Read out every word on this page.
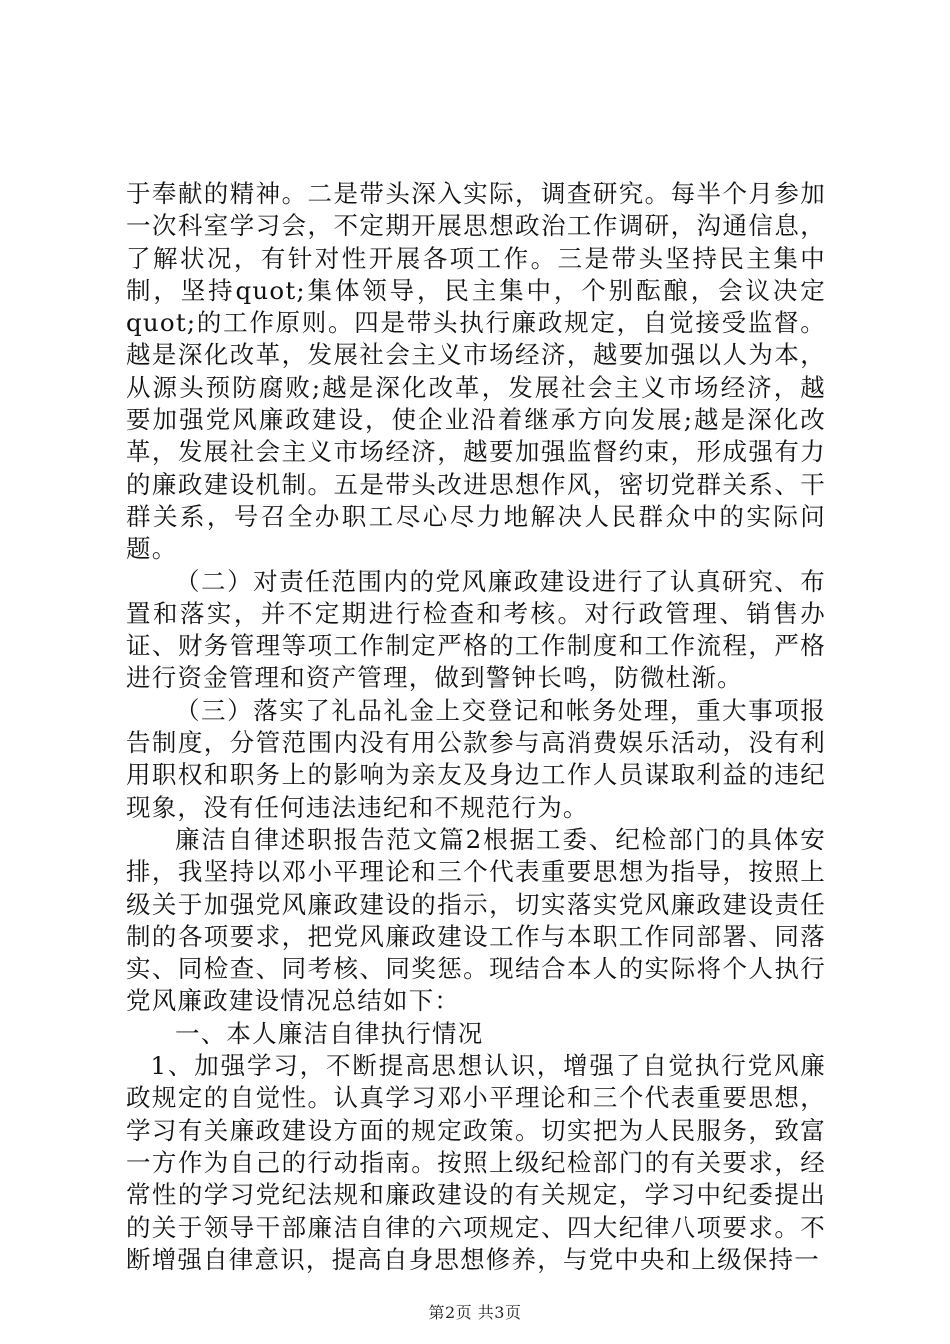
于奉献的精神。二是带头深入实际，调查研究。每半个月参加一次科室学习会，不定期开展思想政治工作调研，沟通信息，了解状况，有针对性开展各项工作。三是带头坚持民主集中制，坚持quot;集体领导，民主集中，个别酝酿，会议决定quot;的工作原则。四是带头执行廉政规定，自觉接受监督。越是深化改革，发展社会主义市场经济，越要加强以人为本，从源头预防腐败;越是深化改革，发展社会主义市场经济，越要加强党风廉政建设，使企业沿着继承方向发展;越是深化改革，发展社会主义市场经济，越要加强监督约束，形成强有力的廉政建设机制。五是带头改进思想作风，密切党群关系、干群关系，号召全办职工尽心尽力地解决人民群众中的实际问题。

（二）对责任范围内的党风廉政建设进行了认真研究、布置和落实，并不定期进行检查和考核。对行政管理、销售办证、财务管理等项工作制定严格的工作制度和工作流程，严格进行资金管理和资产管理，做到警钟长鸣，防微杜渐。

（三）落实了礼品礼金上交登记和帐务处理，重大事项报告制度，分管范围内没有用公款参与高消费娱乐活动，没有利用职权和职务上的影响为亲友及身边工作人员谋取利益的违纪现象，没有任何违法违纪和不规范行为。

廉洁自律述职报告范文篇2根据工委、纪检部门的具体安排，我坚持以邓小平理论和三个代表重要思想为指导，按照上级关于加强党风廉政建设的指示，切实落实党风廉政建设责任制的各项要求，把党风廉政建设工作与本职工作同部署、同落实、同检查、同考核、同奖惩。现结合本人的实际将个人执行党风廉政建设情况总结如下：

一、本人廉洁自律执行情况

1、加强学习，不断提高思想认识，增强了自觉执行党风廉政规定的自觉性。认真学习邓小平理论和三个代表重要思想，学习有关廉政建设方面的规定政策。切实把为人民服务，致富一方作为自己的行动指南。按照上级纪检部门的有关要求，经常性的学习党纪法规和廉政建设的有关规定，学习中纪委提出的关于领导干部廉洁自律的六项规定、四大纪律八项要求。不断增强自律意识，提高自身思想修养，与党中央和上级保持一

第2页 共3页
